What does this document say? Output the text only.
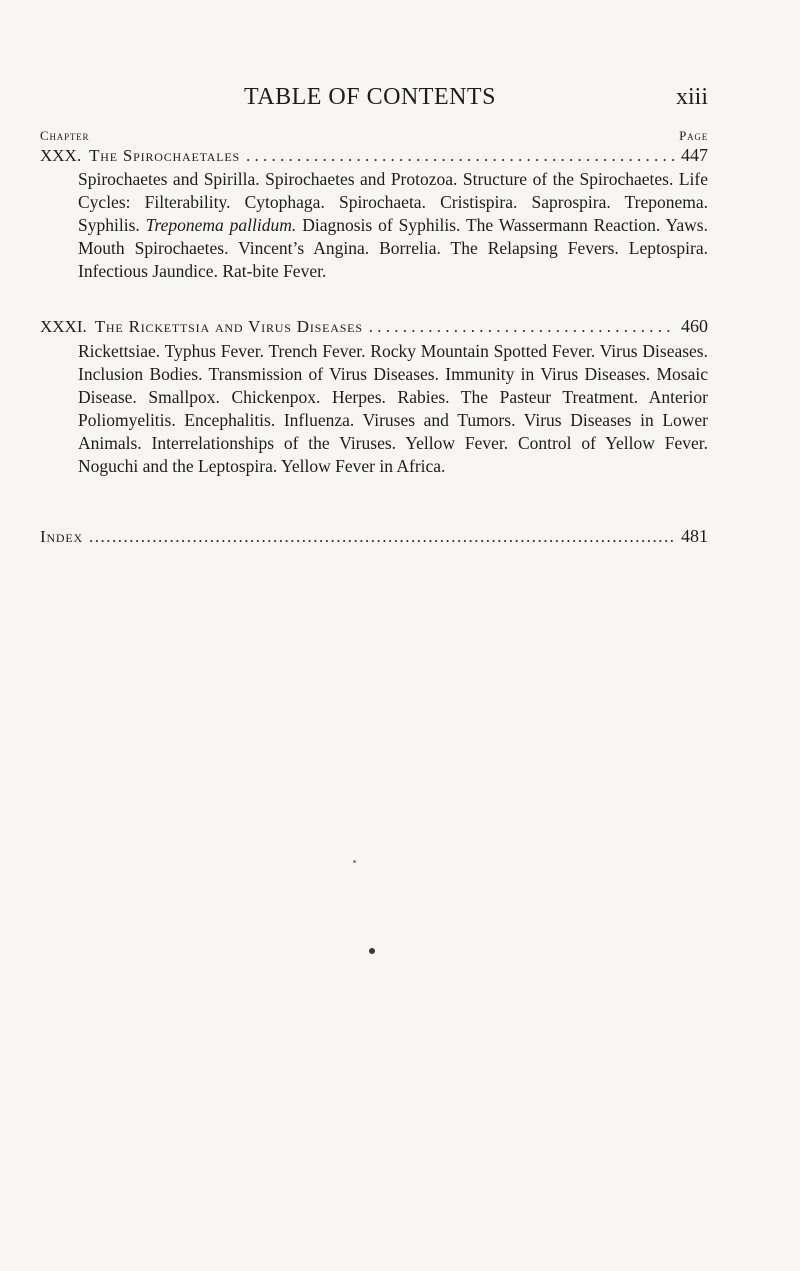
TABLE OF CONTENTS	xiii
Chapter	Page
XXX. The Spirochaetales . . .	447
Spirochaetes and Spirilla. Spirochaetes and Protozoa. Structure of the Spirochaetes. Life Cycles: Filterability. Cytophaga. Spirochaeta. Cristispira. Saprospira. Treponema. Syphilis. Treponema pallidum. Diagnosis of Syphilis. The Wassermann Reaction. Yaws. Mouth Spirochaetes. Vincent’s Angina. Borrelia. The Relapsing Fevers. Leptospira. Infectious Jaundice. Rat-bite Fever.
XXXI. The Rickettsia and Virus Diseases . . .	460
Rickettsiae. Typhus Fever. Trench Fever. Rocky Mountain Spotted Fever. Virus Diseases. Inclusion Bodies. Transmission of Virus Diseases. Immunity in Virus Diseases. Mosaic Disease. Smallpox. Chickenpox. Herpes. Rabies. The Pasteur Treatment. Anterior Poliomyelitis. Encephalitis. Influenza. Viruses and Tumors. Virus Diseases in Lower Animals. Interrelationships of the Viruses. Yellow Fever. Control of Yellow Fever. Noguchi and the Leptospira. Yellow Fever in Africa.
Index .....	481
